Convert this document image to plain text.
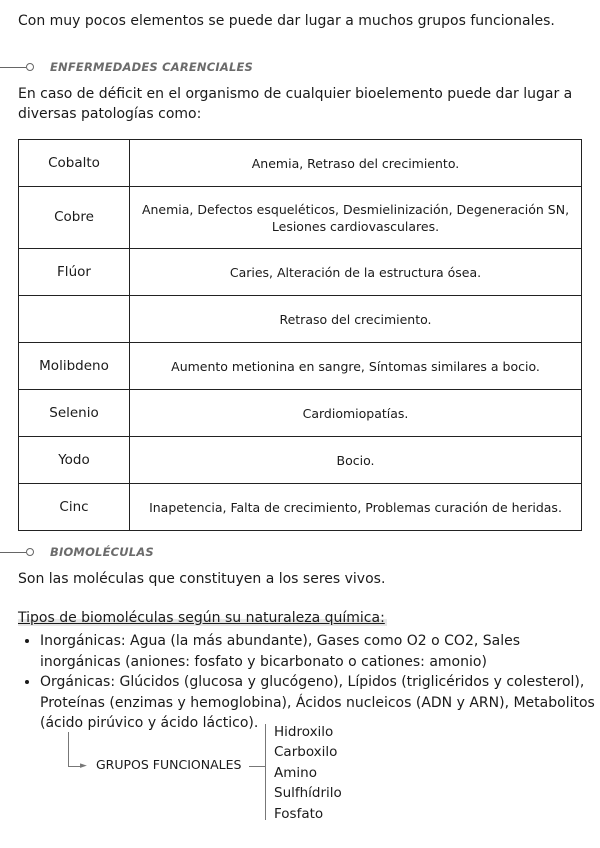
Con muy pocos elementos se puede dar lugar a muchos grupos funcionales.
ENFERMEDADES CARENCIALES
En caso de déficit en el organismo de cualquier bioelemento puede dar lugar a diversas patologías como:
Cobalto	Anemia, Retraso del crecimiento.
Cobre	Anemia, Defectos esqueléticos, Desmielinización, Degeneración SN, Lesiones cardiovasculares.
Flúor	Caries, Alteración de la estructura ósea.
	Retraso del crecimiento.
Molibdeno	Aumento metionina en sangre, Síntomas similares a bocio.
Selenio	Cardiomiopatías.
Yodo	Bocio.
Cinc	Inapetencia, Falta de crecimiento, Problemas curación de heridas.
BIOMOLÉCULAS
Son las moléculas que constituyen a los seres vivos.
Tipos de biomoléculas según su naturaleza química:
• Inorgánicas: Agua (la más abundante), Gases como O2 o CO2, Sales inorgánicas (aniones: fosfato y bicarbonato o cationes: amonio)
• Orgánicas: Glúcidos (glucosa y glucógeno), Lípidos (triglicéridos y colesterol), Proteínas (enzimas y hemoglobina), Ácidos nucleicos (ADN y ARN), Metabolitos (ácido pirúvico y ácido láctico).
► GRUPOS FUNCIONALES
Hidroxilo
Carboxilo
Amino
Sulfhídrilo
Fosfato
